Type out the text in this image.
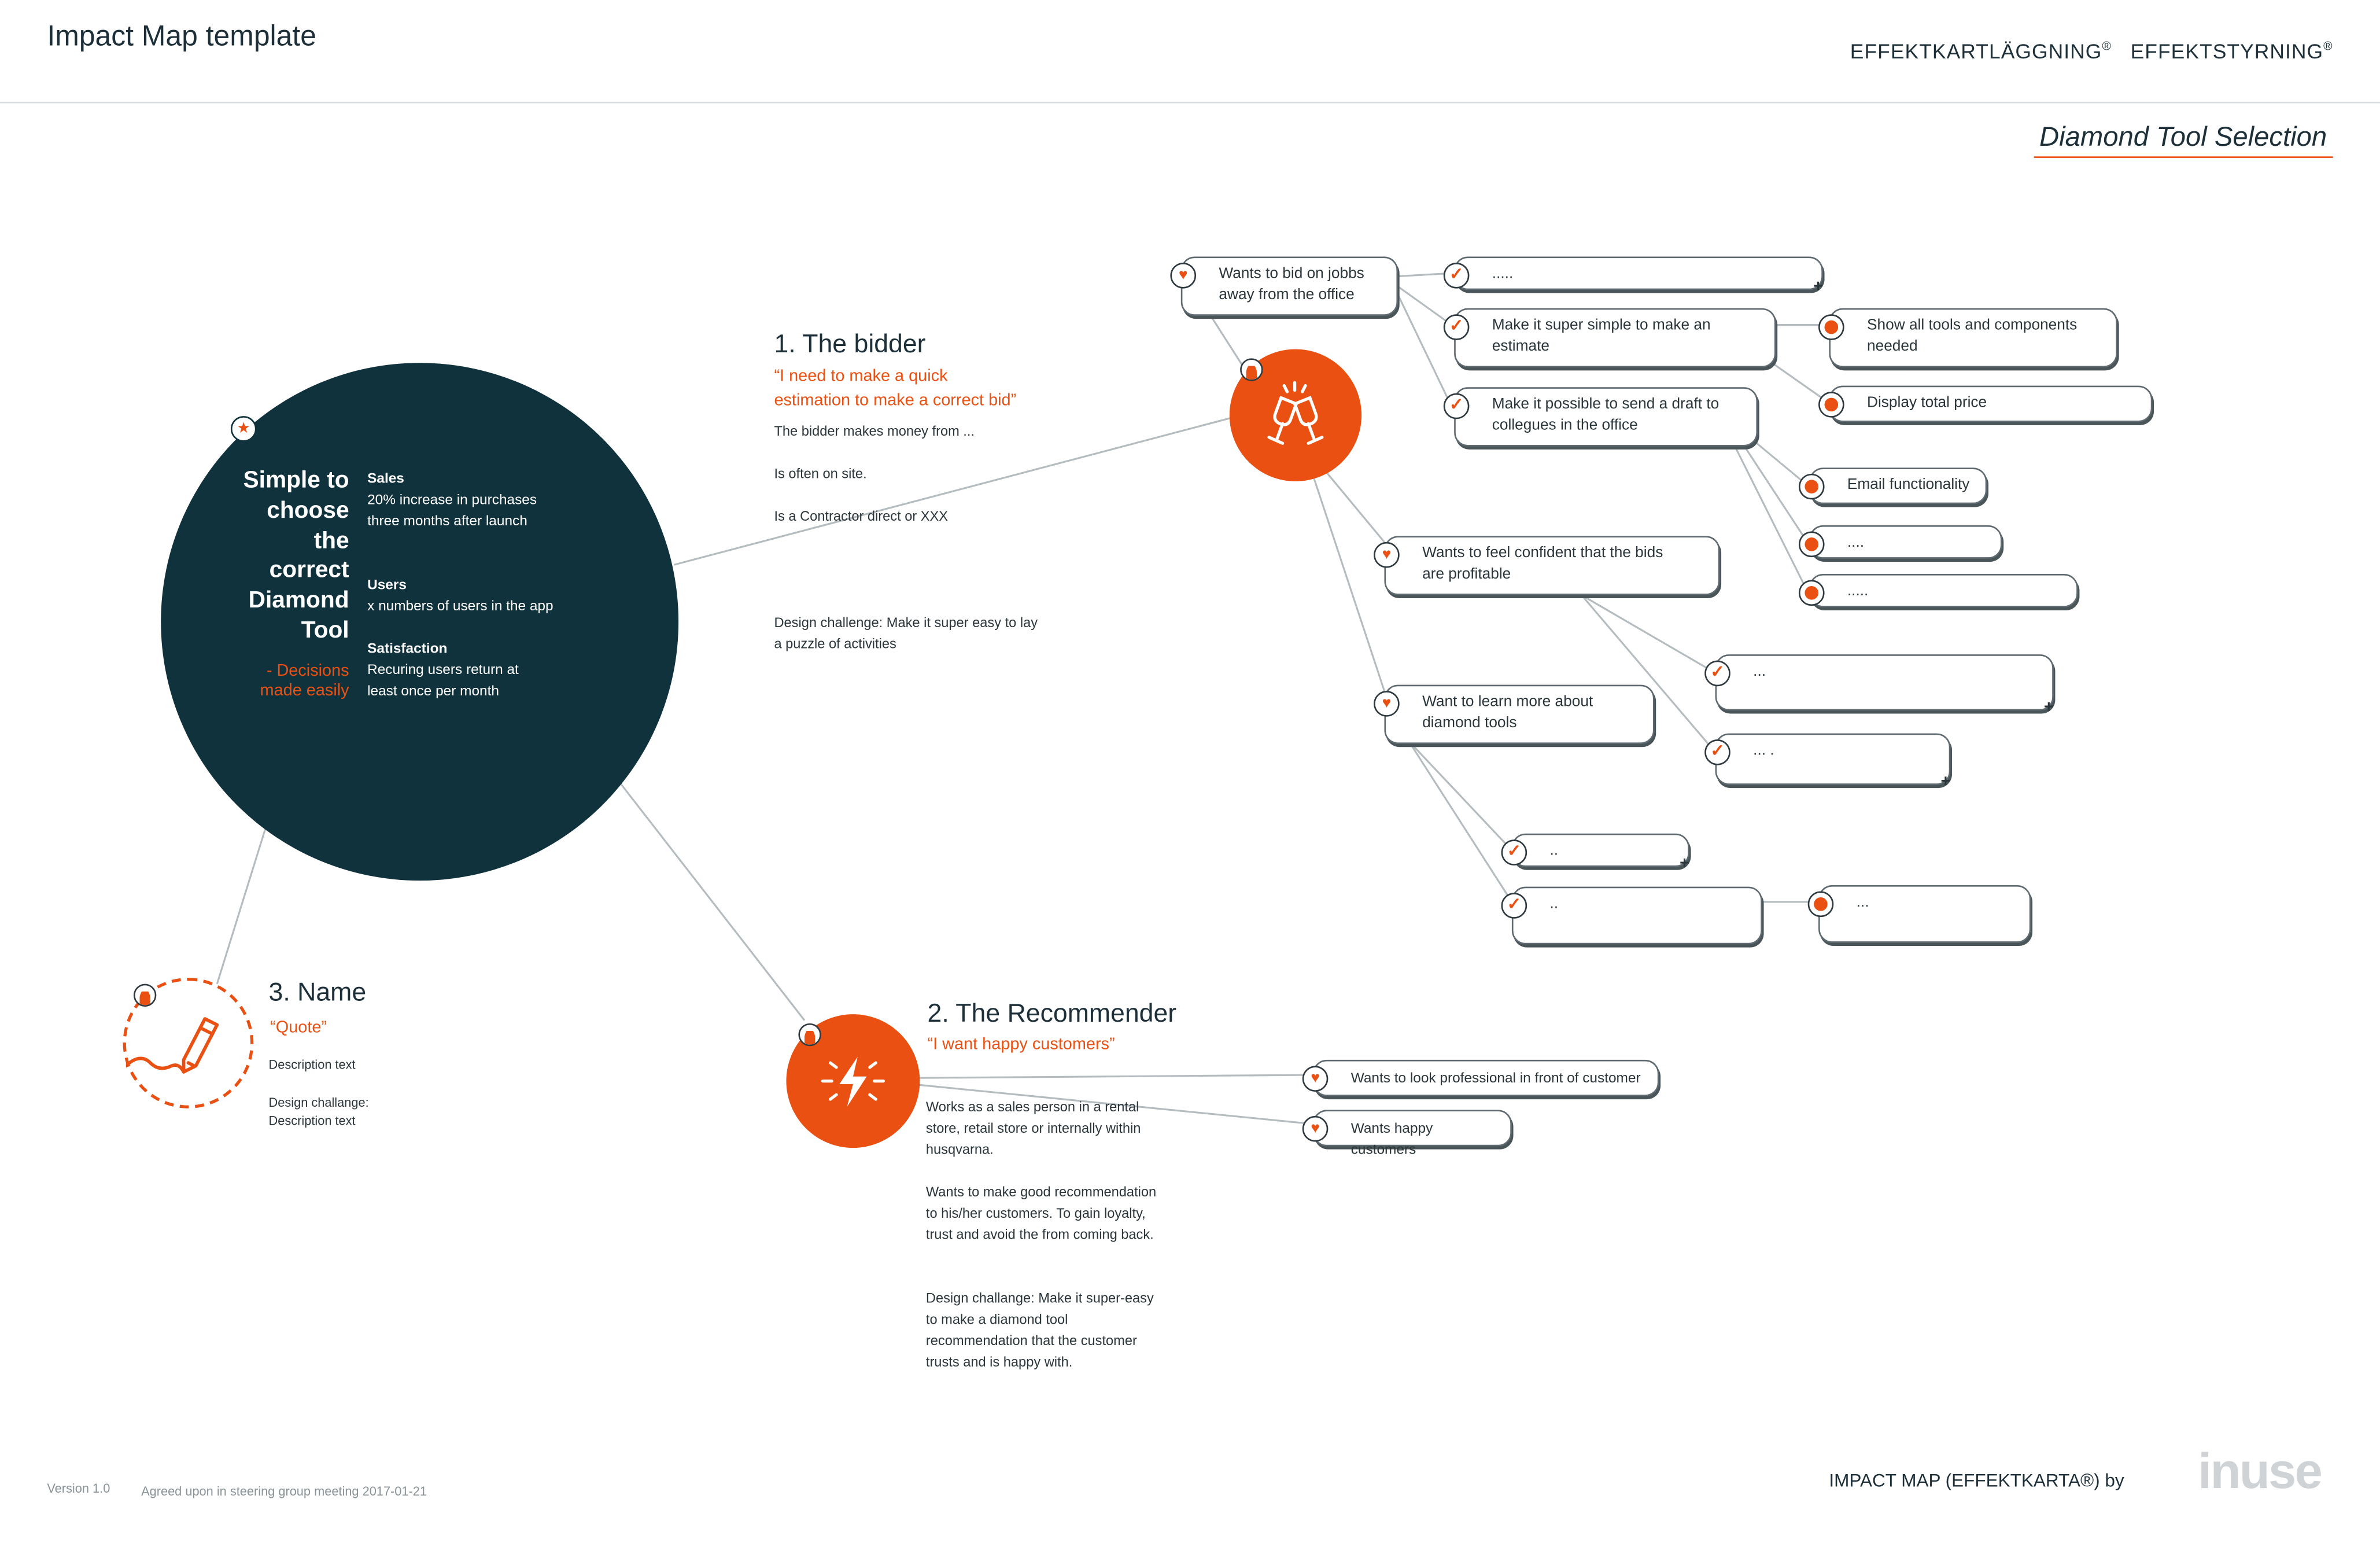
Impact Map template	EFFEKTKARTLÄGGNING® EFFEKTSTYRNING®
Diamond Tool Selection
★
Simple to
choose
the
correct
Diamond
Tool
- Decisions
made easily
Sales
20% increase in purchases
three months after launch
Users
x numbers of users in the app
Satisfaction
Recuring users return at
least once per month
1. The bidder
“I need to make a quick
estimation to make a correct bid”
The bidder makes money from ...
Is often on site.
Is a Contractor direct or XXX
Design challenge: Make it super easy to lay
a puzzle of activities
2. The Recommender
“I want happy customers”
Works as a sales person in a rental
store, retail store or internally within
husqvarna.
Wants to make good recommendation
to his/her customers. To gain loyalty,
trust and avoid the from coming back.
Design challange: Make it super-easy
to make a diamond tool
recommendation that the customer
trusts and is happy with.
3. Name
“Quote”
Description text
Design challange:
Description text
♥	Wants to bid on jobbs
away from the office
♥	Wants to feel confident that the bids
are profitable
♥	Want to learn more about
diamond tools
♥	Wants to look professional in front of customer
♥	Wants happy customers
✓	.....
+
✓	Make it super simple to make an
estimate
✓	Make it possible to send a draft to
collegues in the office
✓	...
+
✓	... .
+
✓	..
+
✓	..
Show all tools and components
needed
Display total price
Email functionality
....
.....
...
Version 1.0	Agreed upon in steering group meeting 2017-01-21
IMPACT MAP (EFFEKTKARTA®) by	inuse
